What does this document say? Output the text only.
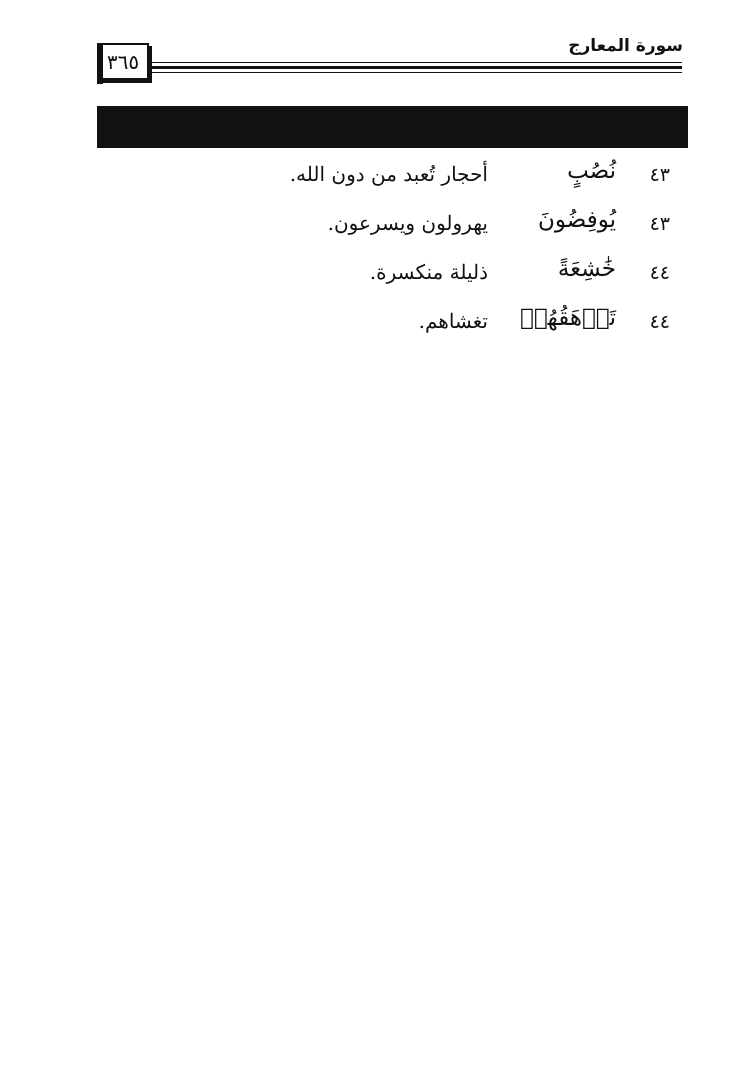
٣٦٥
سورة المعارج
٤٣
نُصُبٍ
أحجار تُعبد من دون الله.
٤٣
يُوفِضُونَ
يهرولون ويسرعون.
٤٤
خَٰشِعَةً
ذليلة منكسرة.
٤٤
تَرۡهَقُهُمۡ
تغشاهم.
